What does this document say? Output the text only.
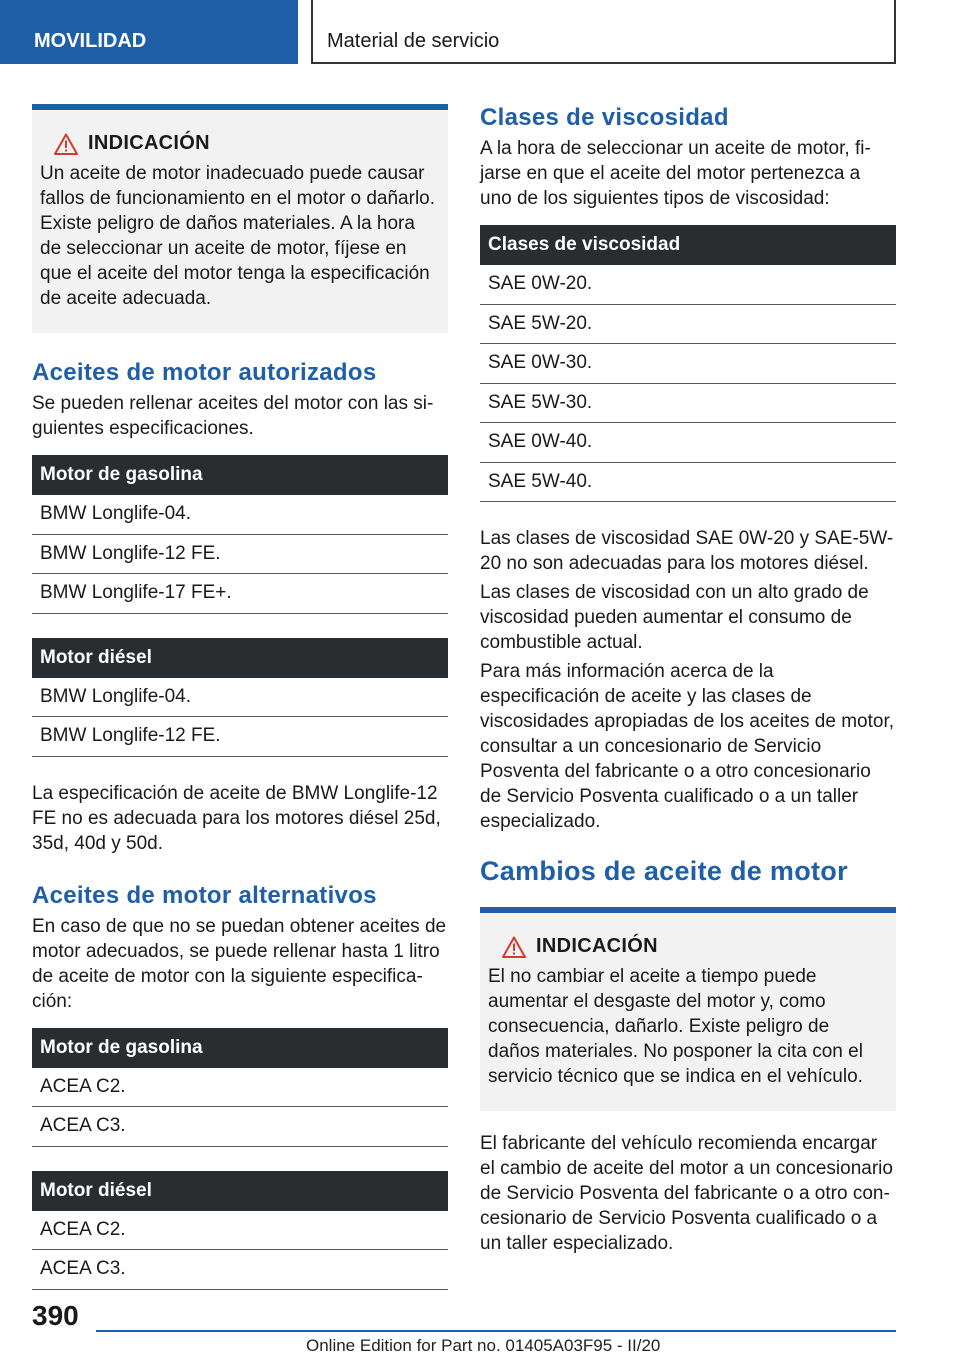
MOVILIDAD	Material de servicio
INDICACIÓN
Un aceite de motor inadecuado puede causar fallos de funcionamiento en el motor o dañarlo. Existe peligro de daños materiales. A la hora de seleccionar un aceite de motor, fíjese en que el aceite del motor tenga la especificación de aceite adecuada.
Aceites de motor autorizados

Se pueden rellenar aceites del motor con las siguientes especificaciones.

Motor de gasolina
BMW Longlife-04.
BMW Longlife-12 FE.
BMW Longlife-17 FE+.
Motor diésel
BMW Longlife-04.
BMW Longlife-12 FE.

La especificación de aceite de BMW Longlife-12 FE no es adecuada para los motores diésel 25d, 35d, 40d y 50d.

Aceites de motor alternativos

En caso de que no se puedan obtener aceites de motor adecuados, se puede rellenar hasta 1 litro de aceite de motor con la siguiente especificación:

Motor de gasolina
ACEA C2.
ACEA C3.
Motor diésel
ACEA C2.
ACEA C3.
Clases de viscosidad

A la hora de seleccionar un aceite de motor, fijarse en que el aceite del motor pertenezca a uno de los siguientes tipos de viscosidad:

Clases de viscosidad
SAE 0W-20.
SAE 5W-20.
SAE 0W-30.
SAE 5W-30.
SAE 0W-40.
SAE 5W-40.

Las clases de viscosidad SAE 0W-20 y SAE-5W-20 no son adecuadas para los motores diésel.

Las clases de viscosidad con un alto grado de viscosidad pueden aumentar el consumo de combustible actual.

Para más información acerca de la especificación de aceite y las clases de viscosidades apropiadas de los aceites de motor, consultar a un concesionario de Servicio Posventa del fabricante o a otro concesionario de Servicio Posventa cualificado o a un taller especializado.

Cambios de aceite de motor
INDICACIÓN
El no cambiar el aceite a tiempo puede aumentar el desgaste del motor y, como consecuencia, dañarlo. Existe peligro de daños materiales. No posponer la cita con el servicio técnico que se indica en el vehículo.

El fabricante del vehículo recomienda encargar el cambio de aceite del motor a un concesionario de Servicio Posventa del fabricante o a otro concesionario de Servicio Posventa cualificado o a un taller especializado.

390
Online Edition for Part no. 01405A03F95 - II/20
